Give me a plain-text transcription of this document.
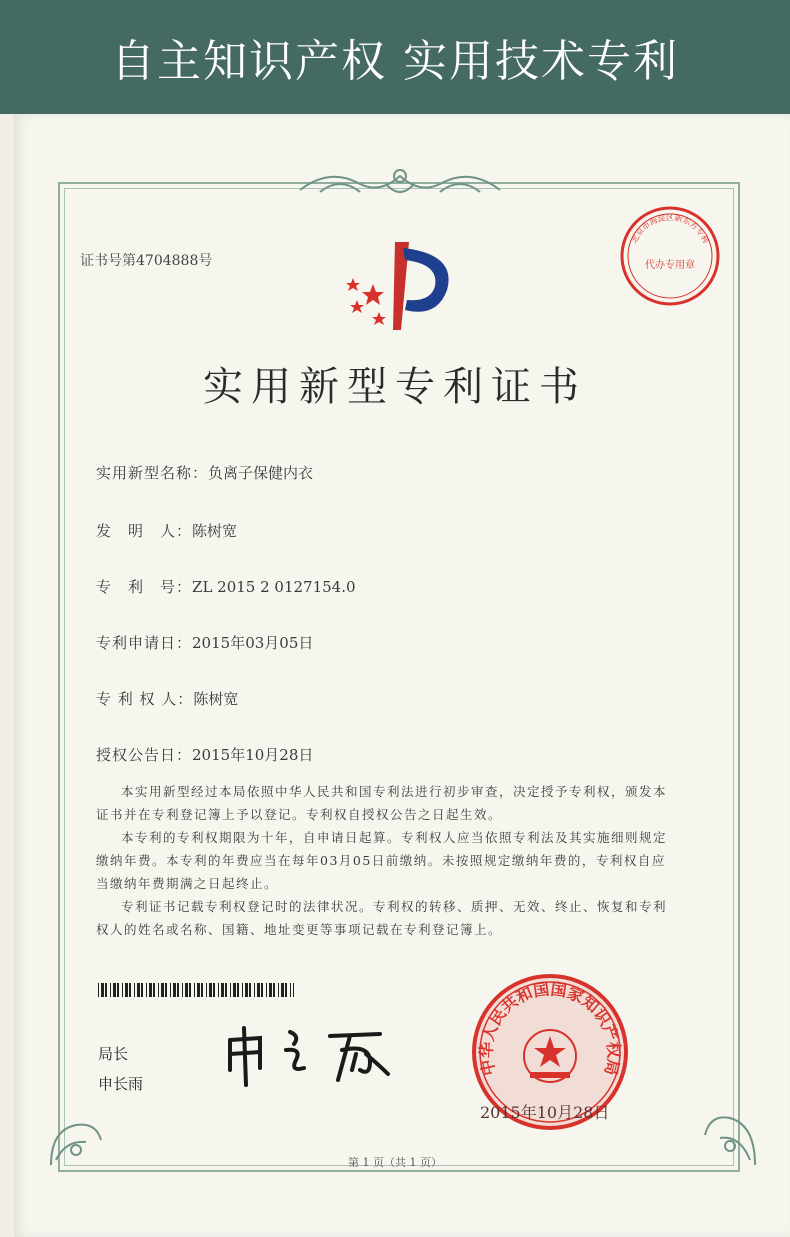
自主知识产权 实用技术专利
证书号第4704888号
北京市海淀区新东方专利
代办专用章
实用新型专利证书
实用新型名称：负离子保健内衣
发　明　人：陈树宽
专　利　号：ZL 2015 2 0127154.0
专利申请日：2015年03月05日
专 利 权 人：陈树宽
授权公告日：2015年10月28日

本实用新型经过本局依照中华人民共和国专利法进行初步审查，决定授予专利权，颁发本证书并在专利登记簿上予以登记。专利权自授权公告之日起生效。

本专利的专利权期限为十年，自申请日起算。专利权人应当依照专利法及其实施细则规定缴纳年费。本专利的年费应当在每年03月05日前缴纳。未按照规定缴纳年费的，专利权自应当缴纳年费期满之日起终止。

专利证书记载专利权登记时的法律状况。专利权的转移、质押、无效、终止、恢复和专利权人的姓名或名称、国籍、地址变更等事项记载在专利登记簿上。

局长
申长雨
中华人民共和国国家知识产权局
2015年10月28日
第 1 页（共 1 页）
